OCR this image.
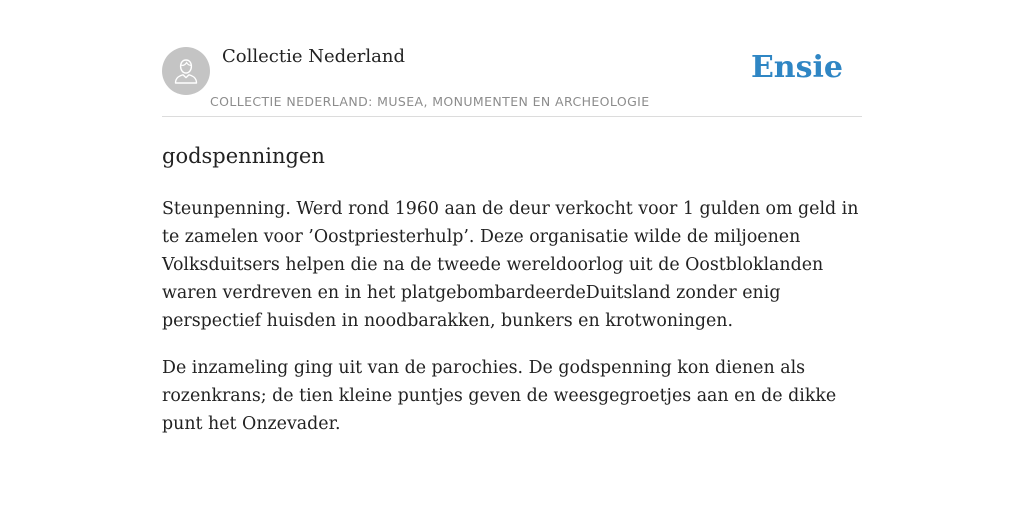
Collectie Nederland
COLLECTIE NEDERLAND: MUSEA, MONUMENTEN EN ARCHEOLOGIE
Ensie
godspenningen

Steunpenning. Werd rond 1960 aan de deur verkocht voor 1 gulden om geld in te zamelen voor ’Oostpriesterhulp’. Deze organisatie wilde de miljoenen Volksduitsers helpen die na de tweede wereldoorlog uit de Oostbloklanden waren verdreven en in het platgebombardeerdeDuitsland zonder enig perspectief huisden in noodbarakken, bunkers en krotwoningen.

De inzameling ging uit van de parochies. De godspenning kon dienen als rozenkrans; de tien kleine puntjes geven de weesgegroetjes aan en de dikke punt het Onzevader.
